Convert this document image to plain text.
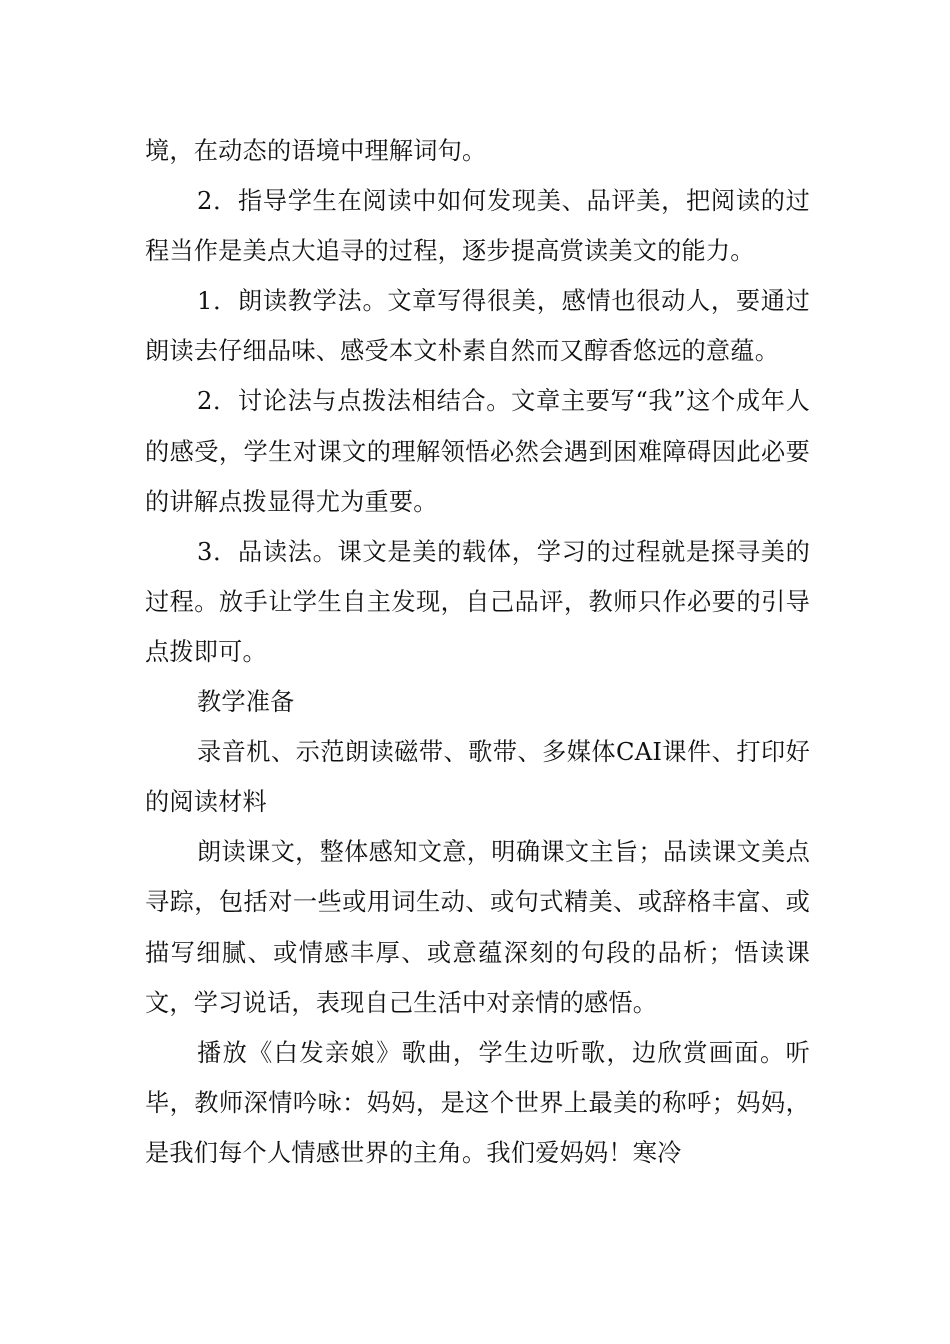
境，在动态的语境中理解词句。

2．指导学生在阅读中如何发现美、品评美，把阅读的过程当作是美点大追寻的过程，逐步提高赏读美文的能力。

1．朗读教学法。文章写得很美，感情也很动人，要通过朗读去仔细品味、感受本文朴素自然而又醇香悠远的意蕴。

2．讨论法与点拨法相结合。文章主要写“我”这个成年人的感受，学生对课文的理解领悟必然会遇到困难障碍因此必要的讲解点拨显得尤为重要。

3．品读法。课文是美的载体，学习的过程就是探寻美的过程。放手让学生自主发现，自己品评，教师只作必要的引导点拨即可。

教学准备

录音机、示范朗读磁带、歌带、多媒体CAI课件、打印好的阅读材料

朗读课文，整体感知文意，明确课文主旨；品读课文美点寻踪，包括对一些或用词生动、或句式精美、或辞格丰富、或描写细腻、或情感丰厚、或意蕴深刻的句段的品析；悟读课文，学习说话，表现自己生活中对亲情的感悟。

播放《白发亲娘》歌曲，学生边听歌，边欣赏画面。听毕，教师深情吟咏：妈妈，是这个世界上最美的称呼；妈妈，是我们每个人情感世界的主角。我们爱妈妈！寒冷
